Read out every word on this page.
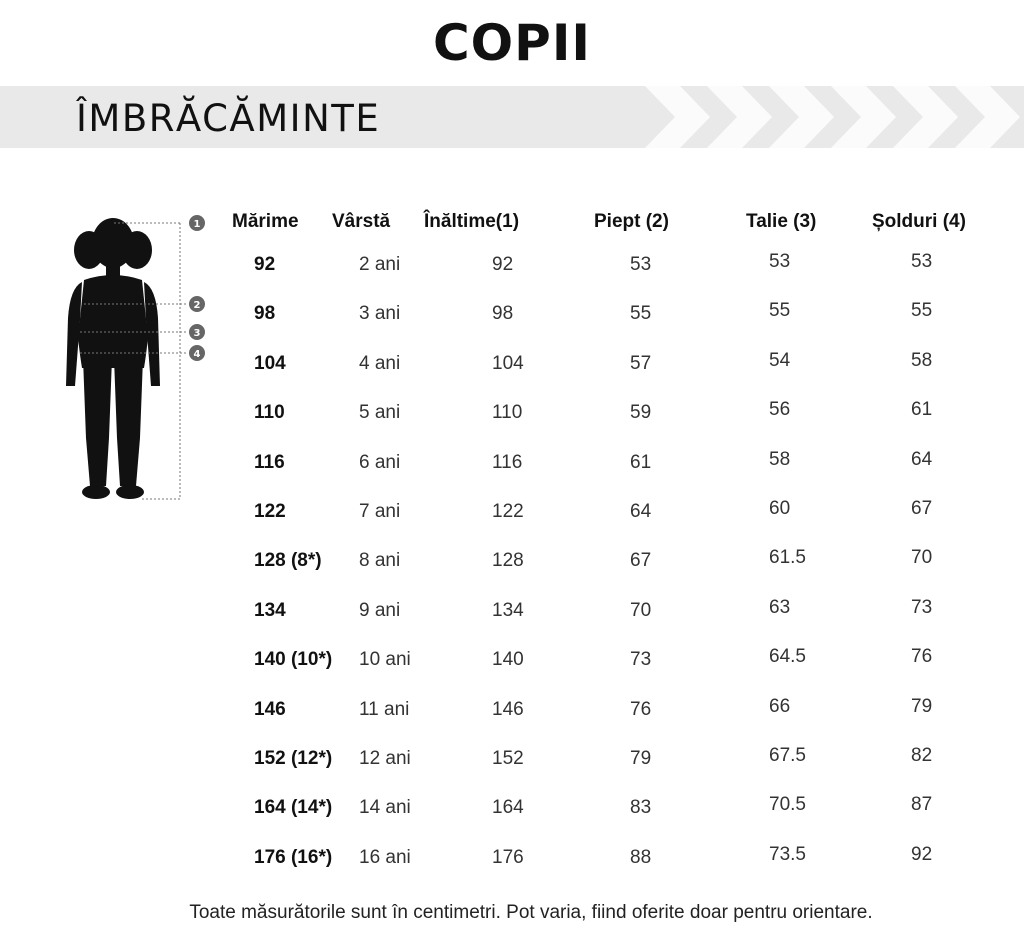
COPII
ÎMBRĂCĂMINTE
1
2
3
4
Mărime Vârstă Înăltime(1)	Piept (2)	Talie (3)	Șolduri (4)
92	2 ani	92	53	53	53
98	3 ani	98	55	55	55
104	4 ani	104	57	54	58
110	5 ani	110	59	56	61
116	6 ani	116	61	58	64
122	7 ani	122	64	60	67
128 (8*) 8 ani	128	67	61.5	70
134	9 ani	134	70	63	73
140 (10*) 10 ani	140	73	64.5	76
146	11 ani	146	76	66	79
152 (12*) 12 ani	152	79	67.5	82
164 (14*) 14 ani	164	83	70.5	87
176 (16*) 16 ani	176	88	73.5	92
Toate măsurătorile sunt în centimetri. Pot varia, fiind oferite doar pentru orientare.
